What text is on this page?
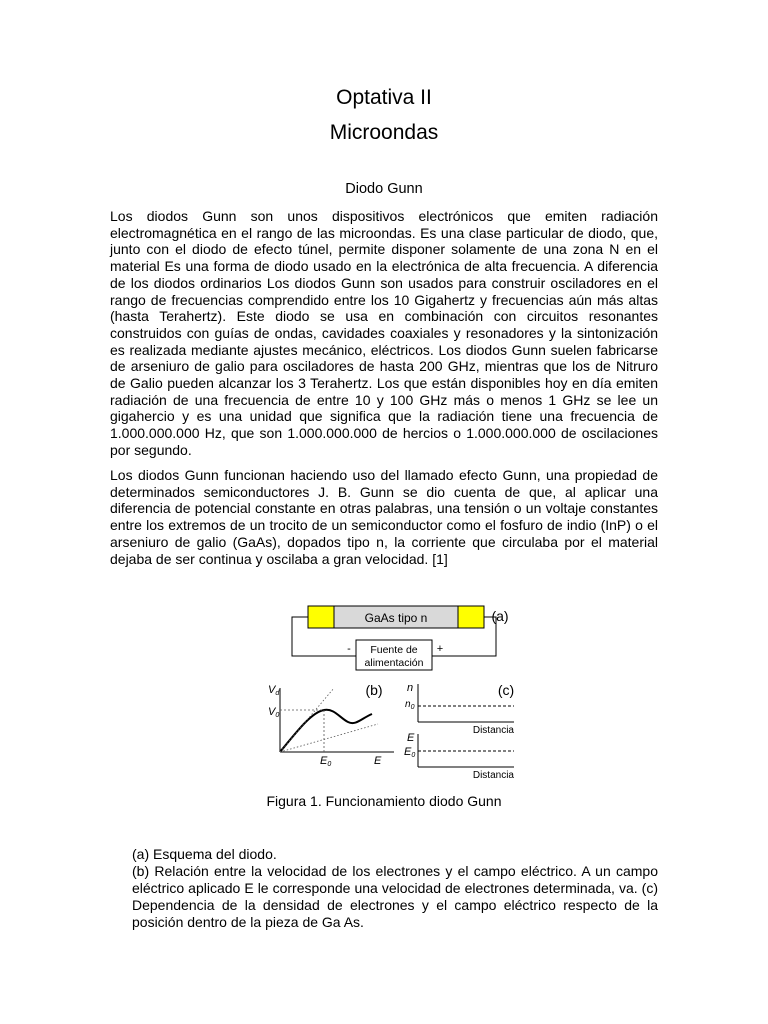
Optativa II
Microondas
Diodo Gunn

Los diodos Gunn son unos dispositivos electrónicos que emiten radiación electromagnética en el rango de las microondas. Es una clase particular de diodo, que, junto con el diodo de efecto túnel, permite disponer solamente de una zona N en el material Es una forma de diodo usado en la electrónica de alta frecuencia. A diferencia de los diodos ordinarios Los diodos Gunn son usados para construir osciladores en el rango de frecuencias comprendido entre los 10 Gigahertz y frecuencias aún más altas (hasta Terahertz). Este diodo se usa en combinación con circuitos resonantes construidos con guías de ondas, cavidades coaxiales y resonadores y la sintonización es realizada mediante ajustes mecánico, eléctricos. Los diodos Gunn suelen fabricarse de arseniuro de galio para osciladores de hasta 200 GHz, mientras que los de Nitruro de Galio pueden alcanzar los 3 Terahertz. Los que están disponibles hoy en día emiten radiación de una frecuencia de entre 10 y 100 GHz más o menos 1 GHz se lee un gigahercio y es una unidad que significa que la radiación tiene una frecuencia de 1.000.000.000 Hz, que son 1.000.000.000 de hercios o 1.000.000.000 de oscilaciones por segundo.

Los diodos Gunn funcionan haciendo uso del llamado efecto Gunn, una propiedad de determinados semiconductores J. B. Gunn se dio cuenta de que, al aplicar una diferencia de potencial constante en otras palabras, una tensión o un voltaje constantes entre los extremos de un trocito de un semiconductor como el fosfuro de indio (InP) o el arseniuro de galio (GaAs), dopados tipo n, la corriente que circulaba por el material dejaba de ser continua y oscilaba a gran velocidad. [1]

GaAs tipo n	(a)
Fuente de
alimentación
-	+
Vd
V0
E0	E
(b) n
$n_0$
Distancia
(c)
E
E0
Distancia
Figura 1. Funcionamiento diodo Gunn

(a) Esquema del diodo.
(b) Relación entre la velocidad de los electrones y el campo eléctrico. A un campo eléctrico aplicado E le corresponde una velocidad de electrones determinada, va. (c) Dependencia de la densidad de electrones y el campo eléctrico respecto de la posición dentro de la pieza de Ga As.
